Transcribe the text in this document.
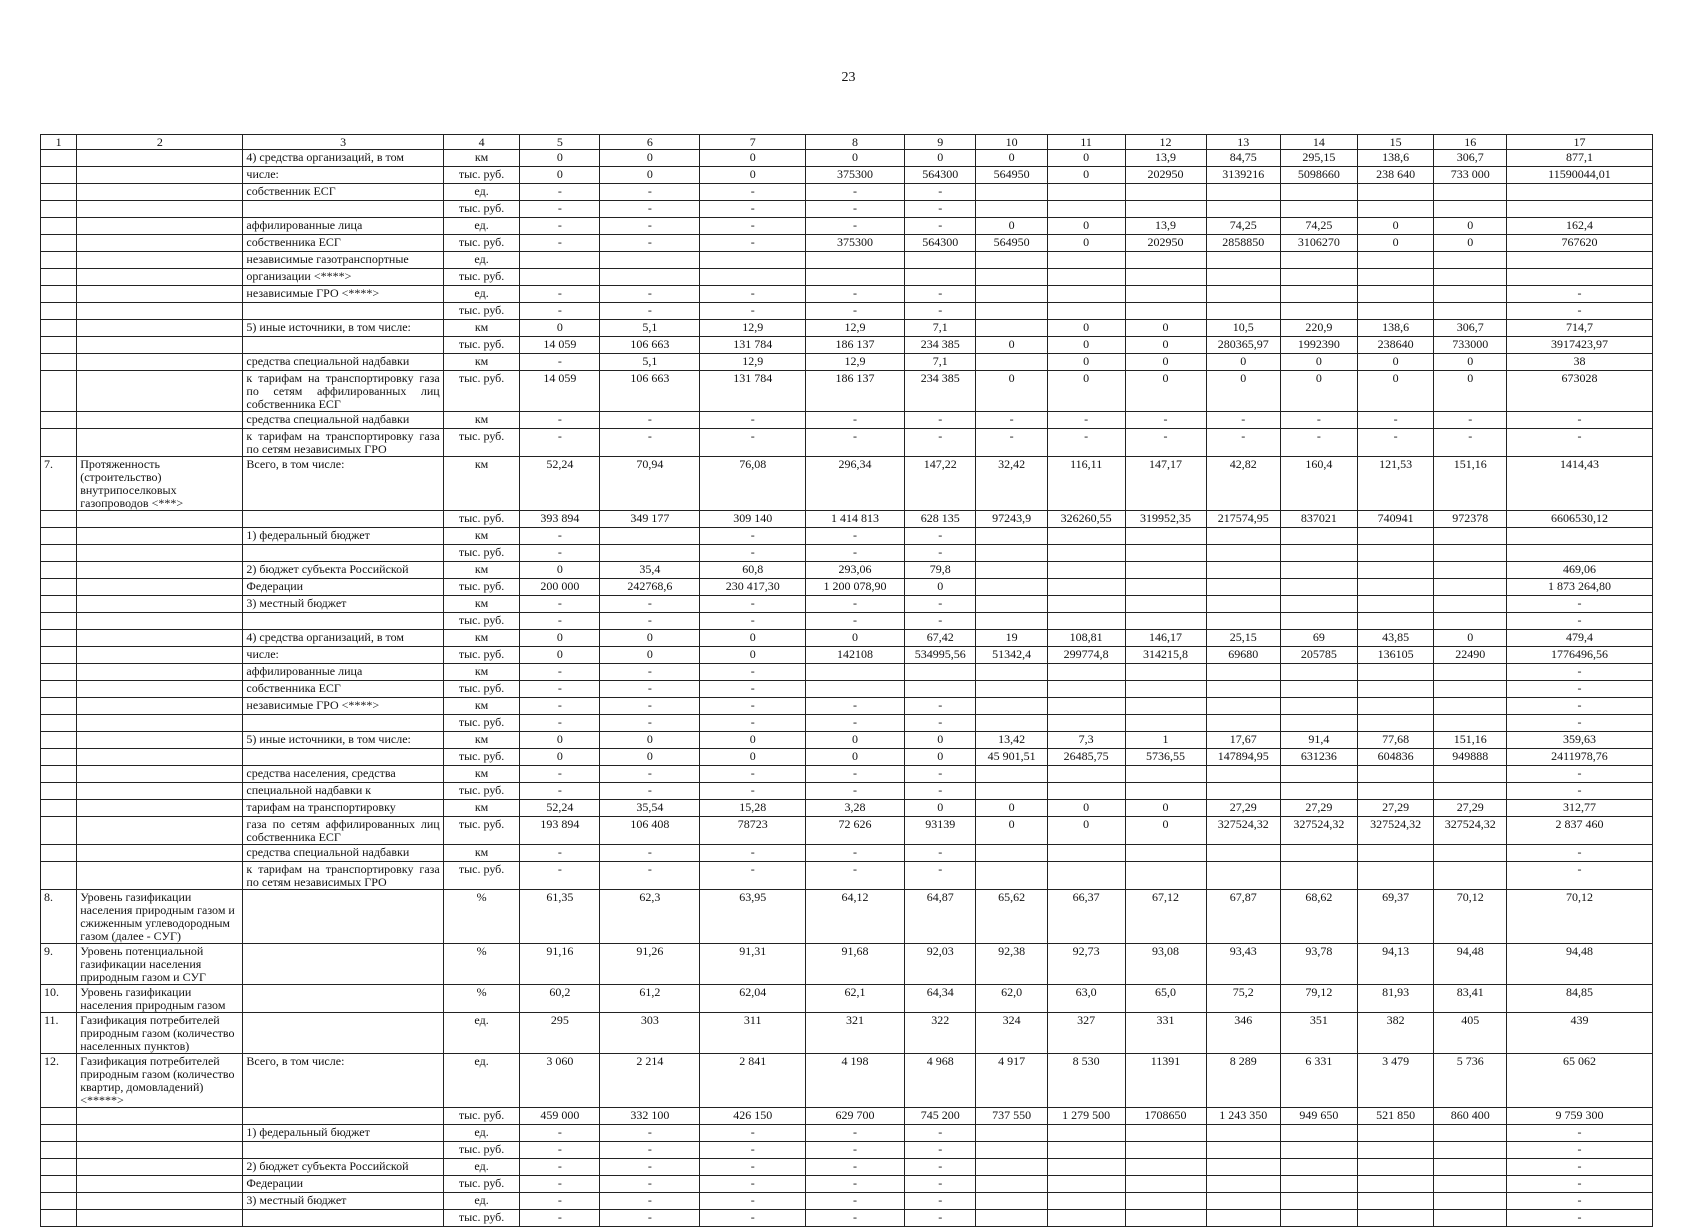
23
1	2	3	4	5	6	7	8	9	10	11	12	13	14	15	16	17
		4) средства организаций, в том	км	0	0	0	0	0	0	0	13,9	84,75	295,15	138,6	306,7	877,1
		числе:	тыс. руб.	0	0	0	375300	564300	564950	0	202950	3139216	5098660	238 640	733 000	11590044,01
		собственник ЕСГ	ед.	-	-	-	-	-								
			тыс. руб.	-	-	-	-	-								
		аффилированные лица	ед.	-	-	-	-	-	0	0	13,9	74,25	74,25	0	0	162,4
		собственника ЕСГ	тыс. руб.	-	-	-	375300	564300	564950	0	202950	2858850	3106270	0	0	767620
		независимые газотранспортные	ед.													
		организации <****>	тыс. руб.													
		независимые ГРО <****>	ед.	-	-	-	-	-								-
			тыс. руб.	-	-	-	-	-								-
		5) иные источники, в том числе:	км	0	5,1	12,9	12,9	7,1		0	0	10,5	220,9	138,6	306,7	714,7
			тыс. руб.	14 059	106 663	131 784	186 137	234 385	0	0	0	280365,97	1992390	238640	733000	3917423,97
		средства специальной надбавки	км	-	5,1	12,9	12,9	7,1		0	0	0	0	0	0	38
		к тарифам на транспортировку газа по сетям аффилированных лиц собственника ЕСГ	тыс. руб.	14 059	106 663	131 784	186 137	234 385	0	0	0	0	0	0	0	673028
		средства специальной надбавки	км	-	-	-	-	-	-	-	-	-	-	-	-	-
		к тарифам на транспортировку газа по сетям независимых ГРО	тыс. руб.	-	-	-	-	-	-	-	-	-	-	-	-	-
7.	Протяженность (строительство) внутрипоселковых газопроводов <***>	Всего, в том числе:	км	52,24	70,94	76,08	296,34	147,22	32,42	116,11	147,17	42,82	160,4	121,53	151,16	1414,43
			тыс. руб.	393 894	349 177	309 140	1 414 813	628 135	97243,9	326260,55	319952,35	217574,95	837021	740941	972378	6606530,12
		1) федеральный бюджет	км	-		-	-	-								
			тыс. руб.	-		-	-	-								
		2) бюджет субъекта Российской	км	0	35,4	60,8	293,06	79,8								469,06
		Федерации	тыс. руб.	200 000	242768,6	230 417,30	1 200 078,90	0								1 873 264,80
		3) местный бюджет	км	-	-	-	-	-								-
			тыс. руб.	-	-	-	-	-								-
		4) средства организаций, в том	км	0	0	0	0	67,42	19	108,81	146,17	25,15	69	43,85	0	479,4
		числе:	тыс. руб.	0	0	0	142108	534995,56	51342,4	299774,8	314215,8	69680	205785	136105	22490	1776496,56
		аффилированные лица	км	-	-	-										-
		собственника ЕСГ	тыс. руб.	-	-	-										-
		независимые ГРО <****>	км	-	-	-	-	-								-
			тыс. руб.	-	-	-	-	-								-
		5) иные источники, в том числе:	км	0	0	0	0	0	13,42	7,3	1	17,67	91,4	77,68	151,16	359,63
			тыс. руб.	0	0	0	0	0	45 901,51	26485,75	5736,55	147894,95	631236	604836	949888	2411978,76
		средства населения, средства	км	-	-	-	-	-								-
		специальной надбавки к	тыс. руб.	-	-	-	-	-								-
		тарифам на транспортировку	км	52,24	35,54	15,28	3,28	0	0	0	0	27,29	27,29	27,29	27,29	312,77
		газа по сетям аффилированных лиц собственника ЕСГ	тыс. руб.	193 894	106 408	78723	72 626	93139	0	0	0	327524,32	327524,32	327524,32	327524,32	2 837 460
		средства специальной надбавки	км	-	-	-	-	-								-
		к тарифам на транспортировку газа по сетям независимых ГРО	тыс. руб.	-	-	-	-	-								-
8.	Уровень газификации населения природным газом и сжиженным углеводородным газом (далее - СУГ)		%	61,35	62,3	63,95	64,12	64,87	65,62	66,37	67,12	67,87	68,62	69,37	70,12	70,12
9.	Уровень потенциальной газификации населения природным газом и СУГ		%	91,16	91,26	91,31	91,68	92,03	92,38	92,73	93,08	93,43	93,78	94,13	94,48	94,48
10.	Уровень газификации населения природным газом		%	60,2	61,2	62,04	62,1	64,34	62,0	63,0	65,0	75,2	79,12	81,93	83,41	84,85
11.	Газификация потребителей природным газом (количество населенных пунктов)		ед.	295	303	311	321	322	324	327	331	346	351	382	405	439
12.	Газификация потребителей природным газом (количество квартир, домовладений) <*****>	Всего, в том числе:	ед.	3 060	2 214	2 841	4 198	4 968	4 917	8 530	11391	8 289	6 331	3 479	5 736	65 062
			тыс. руб.	459 000	332 100	426 150	629 700	745 200	737 550	1 279 500	1708650	1 243 350	949 650	521 850	860 400	9 759 300
		1) федеральный бюджет	ед.	-	-	-	-	-								-
			тыс. руб.	-	-	-	-	-								-
		2) бюджет субъекта Российской	ед.	-	-	-	-	-								-
		Федерации	тыс. руб.	-	-	-	-	-								-
		3) местный бюджет	ед.	-	-	-	-	-								-
			тыс. руб.	-	-	-	-	-								-
